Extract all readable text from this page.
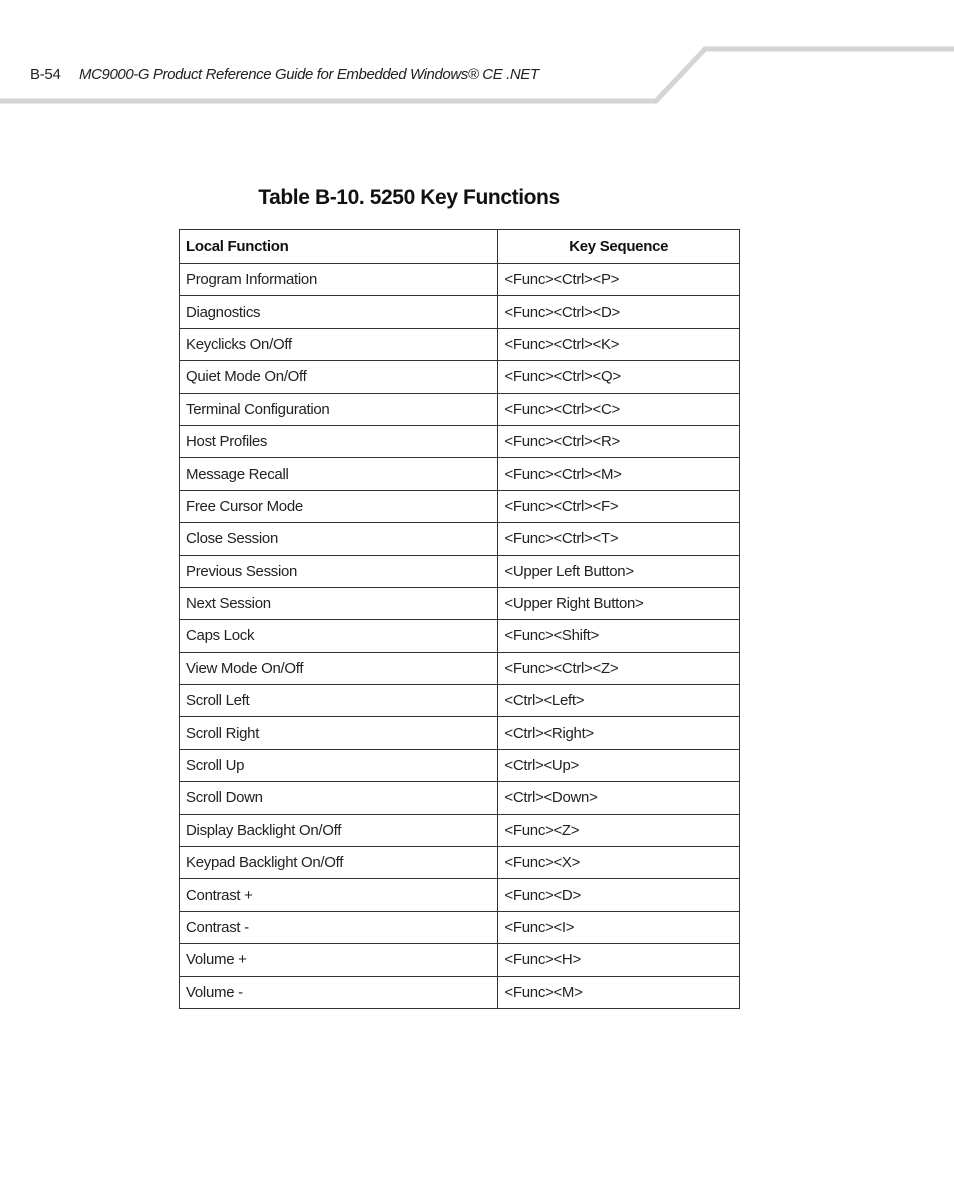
B-54 MC9000-G Product Reference Guide for Embedded Windows® CE .NET
Table B-10. 5250 Key Functions
Local Function	Key Sequence
Program Information	<Func><Ctrl><P>
Diagnostics	<Func><Ctrl><D>
Keyclicks On/Off	<Func><Ctrl><K>
Quiet Mode On/Off	<Func><Ctrl><Q>
Terminal Configuration	<Func><Ctrl><C>
Host Profiles	<Func><Ctrl><R>
Message Recall	<Func><Ctrl><M>
Free Cursor Mode	<Func><Ctrl><F>
Close Session	<Func><Ctrl><T>
Previous Session	<Upper Left Button>
Next Session	<Upper Right Button>
Caps Lock	<Func><Shift>
View Mode On/Off	<Func><Ctrl><Z>
Scroll Left	<Ctrl><Left>
Scroll Right	<Ctrl><Right>
Scroll Up	<Ctrl><Up>
Scroll Down	<Ctrl><Down>
Display Backlight On/Off	<Func><Z>
Keypad Backlight On/Off	<Func><X>
Contrast +	<Func><D>
Contrast -	<Func><I>
Volume +	<Func><H>
Volume -	<Func><M>
